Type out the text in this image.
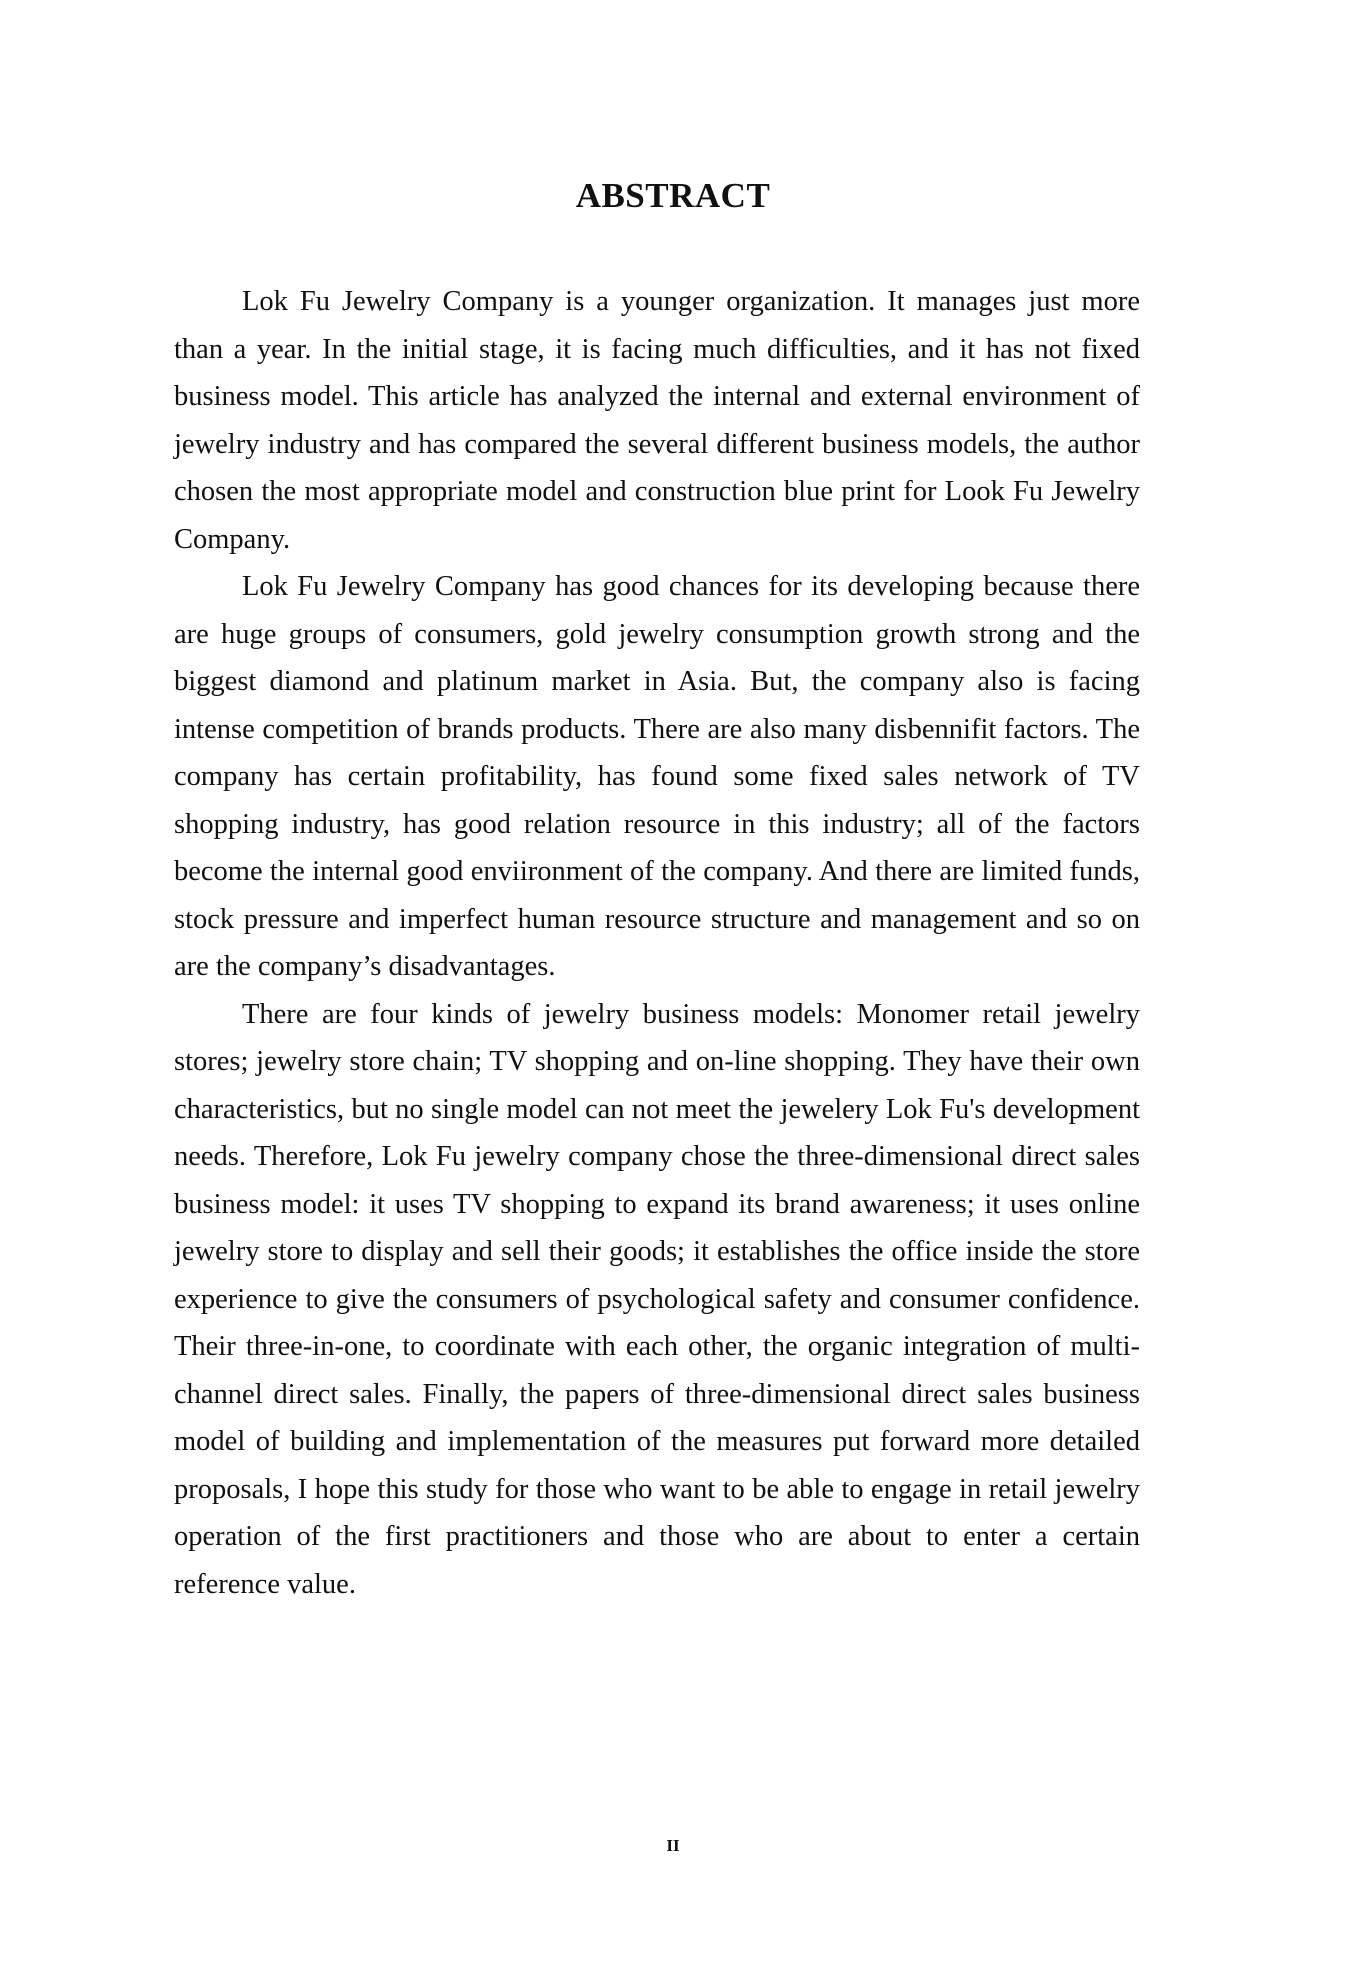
ABSTRACT

Lok Fu Jewelry Company is a younger organization. It manages just more than a year. In the initial stage, it is facing much difficulties, and it has not fixed business model. This article has analyzed the internal and external environment of jewelry industry and has compared the several different business models, the author chosen the most appropriate model and construction blue print for Look Fu Jewelry Company.

Lok Fu Jewelry Company has good chances for its developing because there are huge groups of consumers, gold jewelry consumption growth strong and the biggest diamond and platinum market in Asia. But, the company also is facing intense competition of brands products. There are also many disbennifit factors. The company has certain profitability, has found some fixed sales network of TV shopping industry, has good relation resource in this industry; all of the factors become the internal good enviironment of the company. And there are limited funds, stock pressure and imperfect human resource structure and management and so on are the company’s disadvantages.

There are four kinds of jewelry business models: Monomer retail jewelry stores; jewelry store chain; TV shopping and on-line shopping. They have their own characteristics, but no single model can not meet the jewelery Lok Fu's development needs. Therefore, Lok Fu jewelry company chose the three-dimensional direct sales business model: it uses TV shopping to expand its brand awareness; it uses online jewelry store to display and sell their goods; it establishes the office inside the store experience to give the consumers of psychological safety and consumer confidence. Their three-in-one, to coordinate with each other, the organic integration of multi-channel direct sales. Finally, the papers of three-dimensional direct sales business model of building and implementation of the measures put forward more detailed proposals, I hope this study for those who want to be able to engage in retail jewelry operation of the first practitioners and those who are about to enter a certain reference value.

II
